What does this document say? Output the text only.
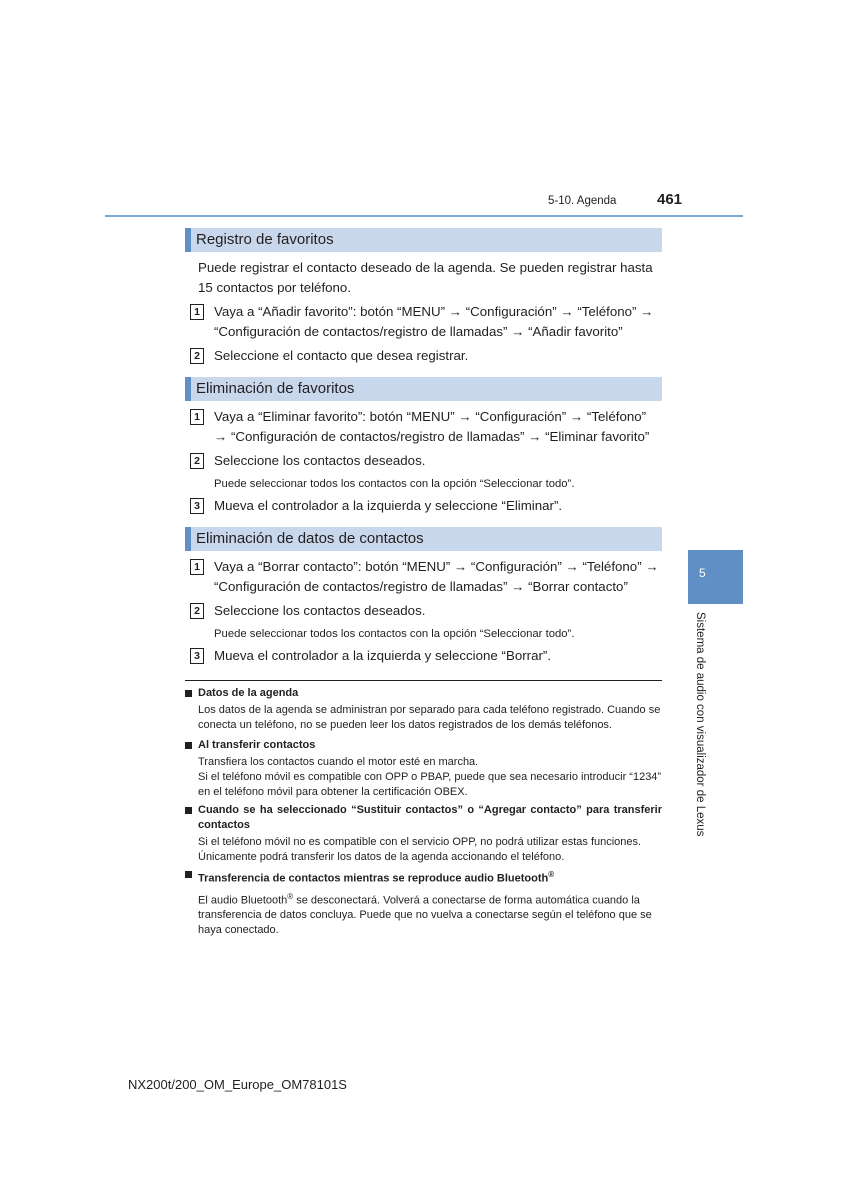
5-10. Agenda	461
5
Sistema de audio con visualizador de Lexus
Registro de favoritos
Puede registrar el contacto deseado de la agenda. Se pueden registrar hasta 15 contactos por teléfono.
1	Vaya a “Añadir favorito”: botón “MENU” → “Configuración” → “Teléfono” → “Configuración de contactos/registro de llamadas” → “Añadir favorito”
2	Seleccione el contacto que desea registrar.
Eliminación de favoritos
1	Vaya a “Eliminar favorito”: botón “MENU” → “Configuración” → “Teléfono” → “Configuración de contactos/registro de llamadas” → “Eliminar favorito”
2	Seleccione los contactos deseados.
Puede seleccionar todos los contactos con la opción “Seleccionar todo”.
3	Mueva el controlador a la izquierda y seleccione “Eliminar”.
Eliminación de datos de contactos
1	Vaya a “Borrar contacto”: botón “MENU” → “Configuración” → “Teléfono” → “Configuración de contactos/registro de llamadas” → “Borrar contacto”
2	Seleccione los contactos deseados.
Puede seleccionar todos los contactos con la opción “Seleccionar todo”.
3	Mueva el controlador a la izquierda y seleccione “Borrar”.
Datos de la agenda
Los datos de la agenda se administran por separado para cada teléfono registrado. Cuando se conecta un teléfono, no se pueden leer los datos registrados de los demás teléfonos.
Al transferir contactos
Transfiera los contactos cuando el motor esté en marcha.
Si el teléfono móvil es compatible con OPP o PBAP, puede que sea necesario introducir “1234” en el teléfono móvil para obtener la certificación OBEX.
Cuando se ha seleccionado “Sustituir contactos” o “Agregar contacto” para transferir contactos
Si el teléfono móvil no es compatible con el servicio OPP, no podrá utilizar estas funciones. Únicamente podrá transferir los datos de la agenda accionando el teléfono.
Transferencia de contactos mientras se reproduce audio Bluetooth®
El audio Bluetooth® se desconectará. Volverá a conectarse de forma automática cuando la transferencia de datos concluya. Puede que no vuelva a conectarse según el teléfono que se haya conectado.
NX200t/200_OM_Europe_OM78101S
